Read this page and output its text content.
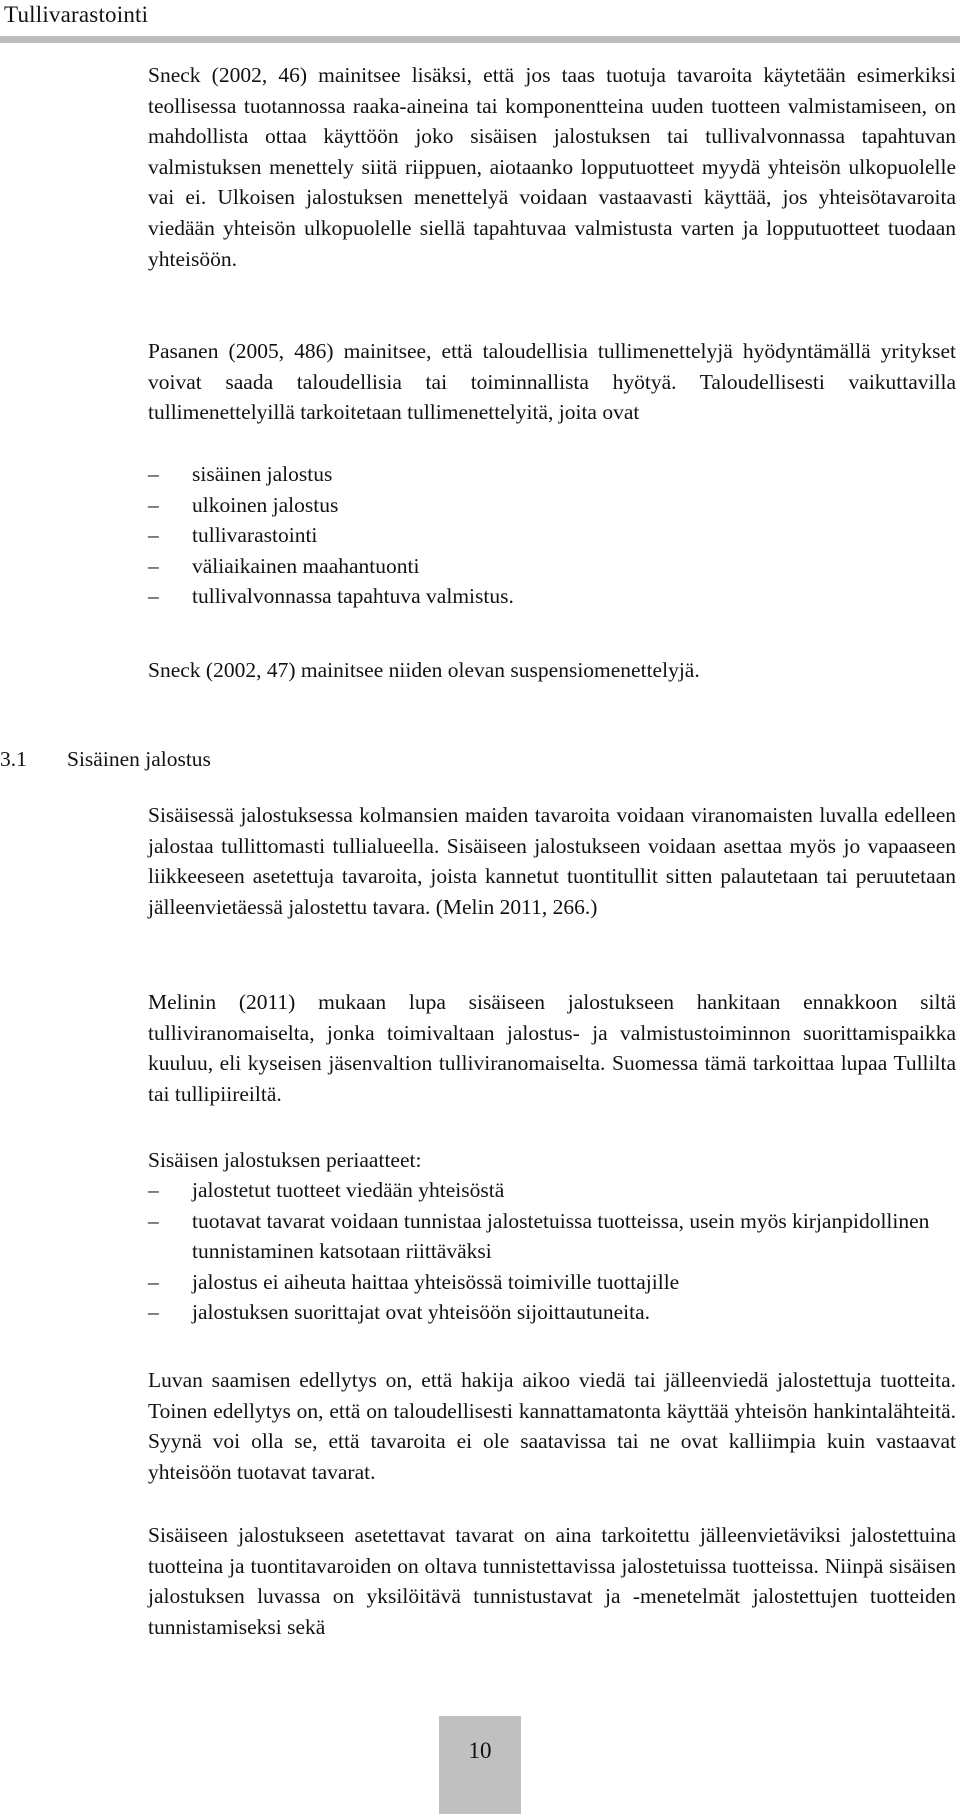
Tullivarastointi

Sneck (2002, 46) mainitsee lisäksi, että jos taas tuotuja tavaroita käytetään esimerkiksi teollisessa tuotannossa raaka-aineina tai komponentteina uuden tuotteen valmistamiseen, on mahdollista ottaa käyttöön joko sisäisen jalostuksen tai tullivalvonnassa tapahtuvan valmistuksen menettely siitä riippuen, aiotaanko lopputuotteet myydä yhteisön ulkopuolelle vai ei. Ulkoisen jalostuksen menettelyä voidaan vastaavasti käyttää, jos yhteisötavaroita viedään yhteisön ulkopuolelle siellä tapahtuvaa valmistusta varten ja lopputuotteet tuodaan yhteisöön.

Pasanen (2005, 486) mainitsee, että taloudellisia tullimenettelyjä hyödyntämällä yritykset voivat saada taloudellisia tai toiminnallista hyötyä. Taloudellisesti vaikuttavilla tullimenettelyillä tarkoitetaan tullimenettelyitä, joita ovat

–	sisäinen jalostus
–	ulkoinen jalostus
–	tullivarastointi
–	väliaikainen maahantuonti
–	tullivalvonnassa tapahtuva valmistus.

Sneck (2002, 47) mainitsee niiden olevan suspensiomenettelyjä.

Sisäisessä jalostuksessa kolmansien maiden tavaroita voidaan viranomaisten luvalla edelleen jalostaa tullittomasti tullialueella. Sisäiseen jalostukseen voidaan asettaa myös jo vapaaseen liikkeeseen asetettuja tavaroita, joista kannetut tuontitullit sitten palautetaan tai peruutetaan jälleenvietäessä jalostettu tavara. (Melin 2011, 266.)

Melinin (2011) mukaan lupa sisäiseen jalostukseen hankitaan ennakkoon siltä tulliviranomaiselta, jonka toimivaltaan jalostus- ja valmistustoiminnon suorittamispaikka kuuluu, eli kyseisen jäsenvaltion tulliviranomaiselta. Suomessa tämä tarkoittaa lupaa Tullilta tai tullipiireiltä.

Sisäisen jalostuksen periaatteet:

–	jalostetut tuotteet viedään yhteisöstä
–	tuotavat tavarat voidaan tunnistaa jalostetuissa tuotteissa, usein myös kirjanpidollinen tunnistaminen katsotaan riittäväksi
–	jalostus ei aiheuta haittaa yhteisössä toimiville tuottajille
–	jalostuksen suorittajat ovat yhteisöön sijoittautuneita.

Luvan saamisen edellytys on, että hakija aikoo viedä tai jälleenviedä jalostettuja tuotteita. Toinen edellytys on, että on taloudellisesti kannattamatonta käyttää yhteisön hankintalähteitä. Syynä voi olla se, että tavaroita ei ole saatavissa tai ne ovat kalliimpia kuin vastaavat yhteisöön tuotavat tavarat.

Sisäiseen jalostukseen asetettavat tavarat on aina tarkoitettu jälleenvietäviksi jalostettuina tuotteina ja tuontitavaroiden on oltava tunnistettavissa jalostetuissa tuotteissa. Niinpä sisäisen jalostuksen luvassa on yksilöitävä tunnistustavat ja -menetelmät jalostettujen tuotteiden tunnistamiseksi sekä

3.1 Sisäinen jalostus
10
